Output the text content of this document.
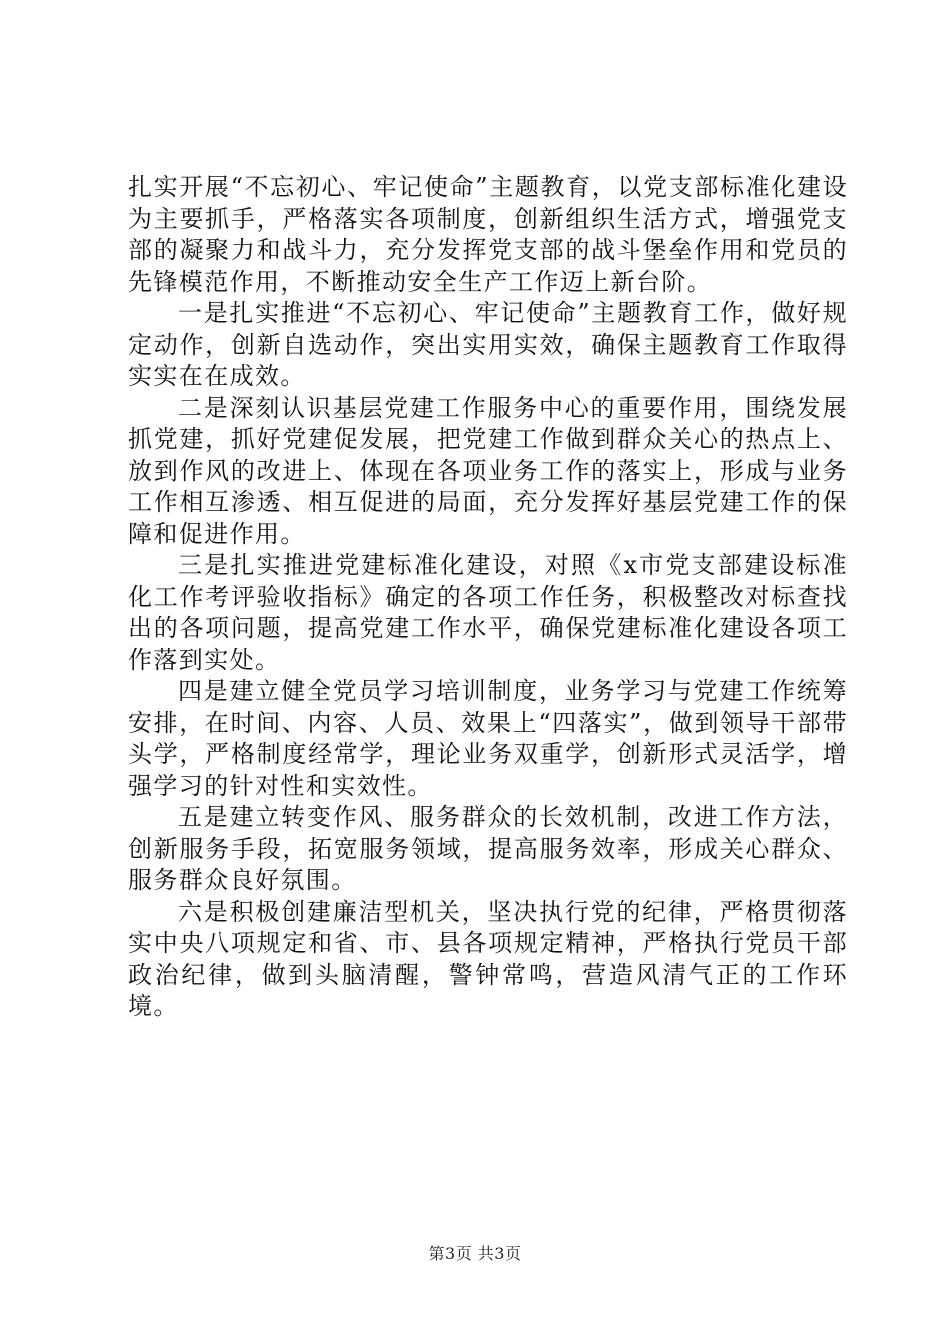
扎实开展“不忘初心、牢记使命”主题教育，以党支部标准化建设为主要抓手，严格落实各项制度，创新组织生活方式，增强党支部的凝聚力和战斗力，充分发挥党支部的战斗堡垒作用和党员的先锋模范作用，不断推动安全生产工作迈上新台阶。

一是扎实推进“不忘初心、牢记使命”主题教育工作，做好规定动作，创新自选动作，突出实用实效，确保主题教育工作取得实实在在成效。

二是深刻认识基层党建工作服务中心的重要作用，围绕发展抓党建，抓好党建促发展，把党建工作做到群众关心的热点上、放到作风的改进上、体现在各项业务工作的落实上，形成与业务工作相互渗透、相互促进的局面，充分发挥好基层党建工作的保障和促进作用。

三是扎实推进党建标准化建设，对照《x市党支部建设标准化工作考评验收指标》确定的各项工作任务，积极整改对标查找出的各项问题，提高党建工作水平，确保党建标准化建设各项工作落到实处。

四是建立健全党员学习培训制度，业务学习与党建工作统筹安排，在时间、内容、人员、效果上“四落实”，做到领导干部带头学，严格制度经常学，理论业务双重学，创新形式灵活学，增强学习的针对性和实效性。

五是建立转变作风、服务群众的长效机制，改进工作方法，创新服务手段，拓宽服务领域，提高服务效率，形成关心群众、服务群众良好氛围。

六是积极创建廉洁型机关，坚决执行党的纪律，严格贯彻落实中央八项规定和省、市、县各项规定精神，严格执行党员干部政治纪律，做到头脑清醒，警钟常鸣，营造风清气正的工作环境。

第3页 共3页
